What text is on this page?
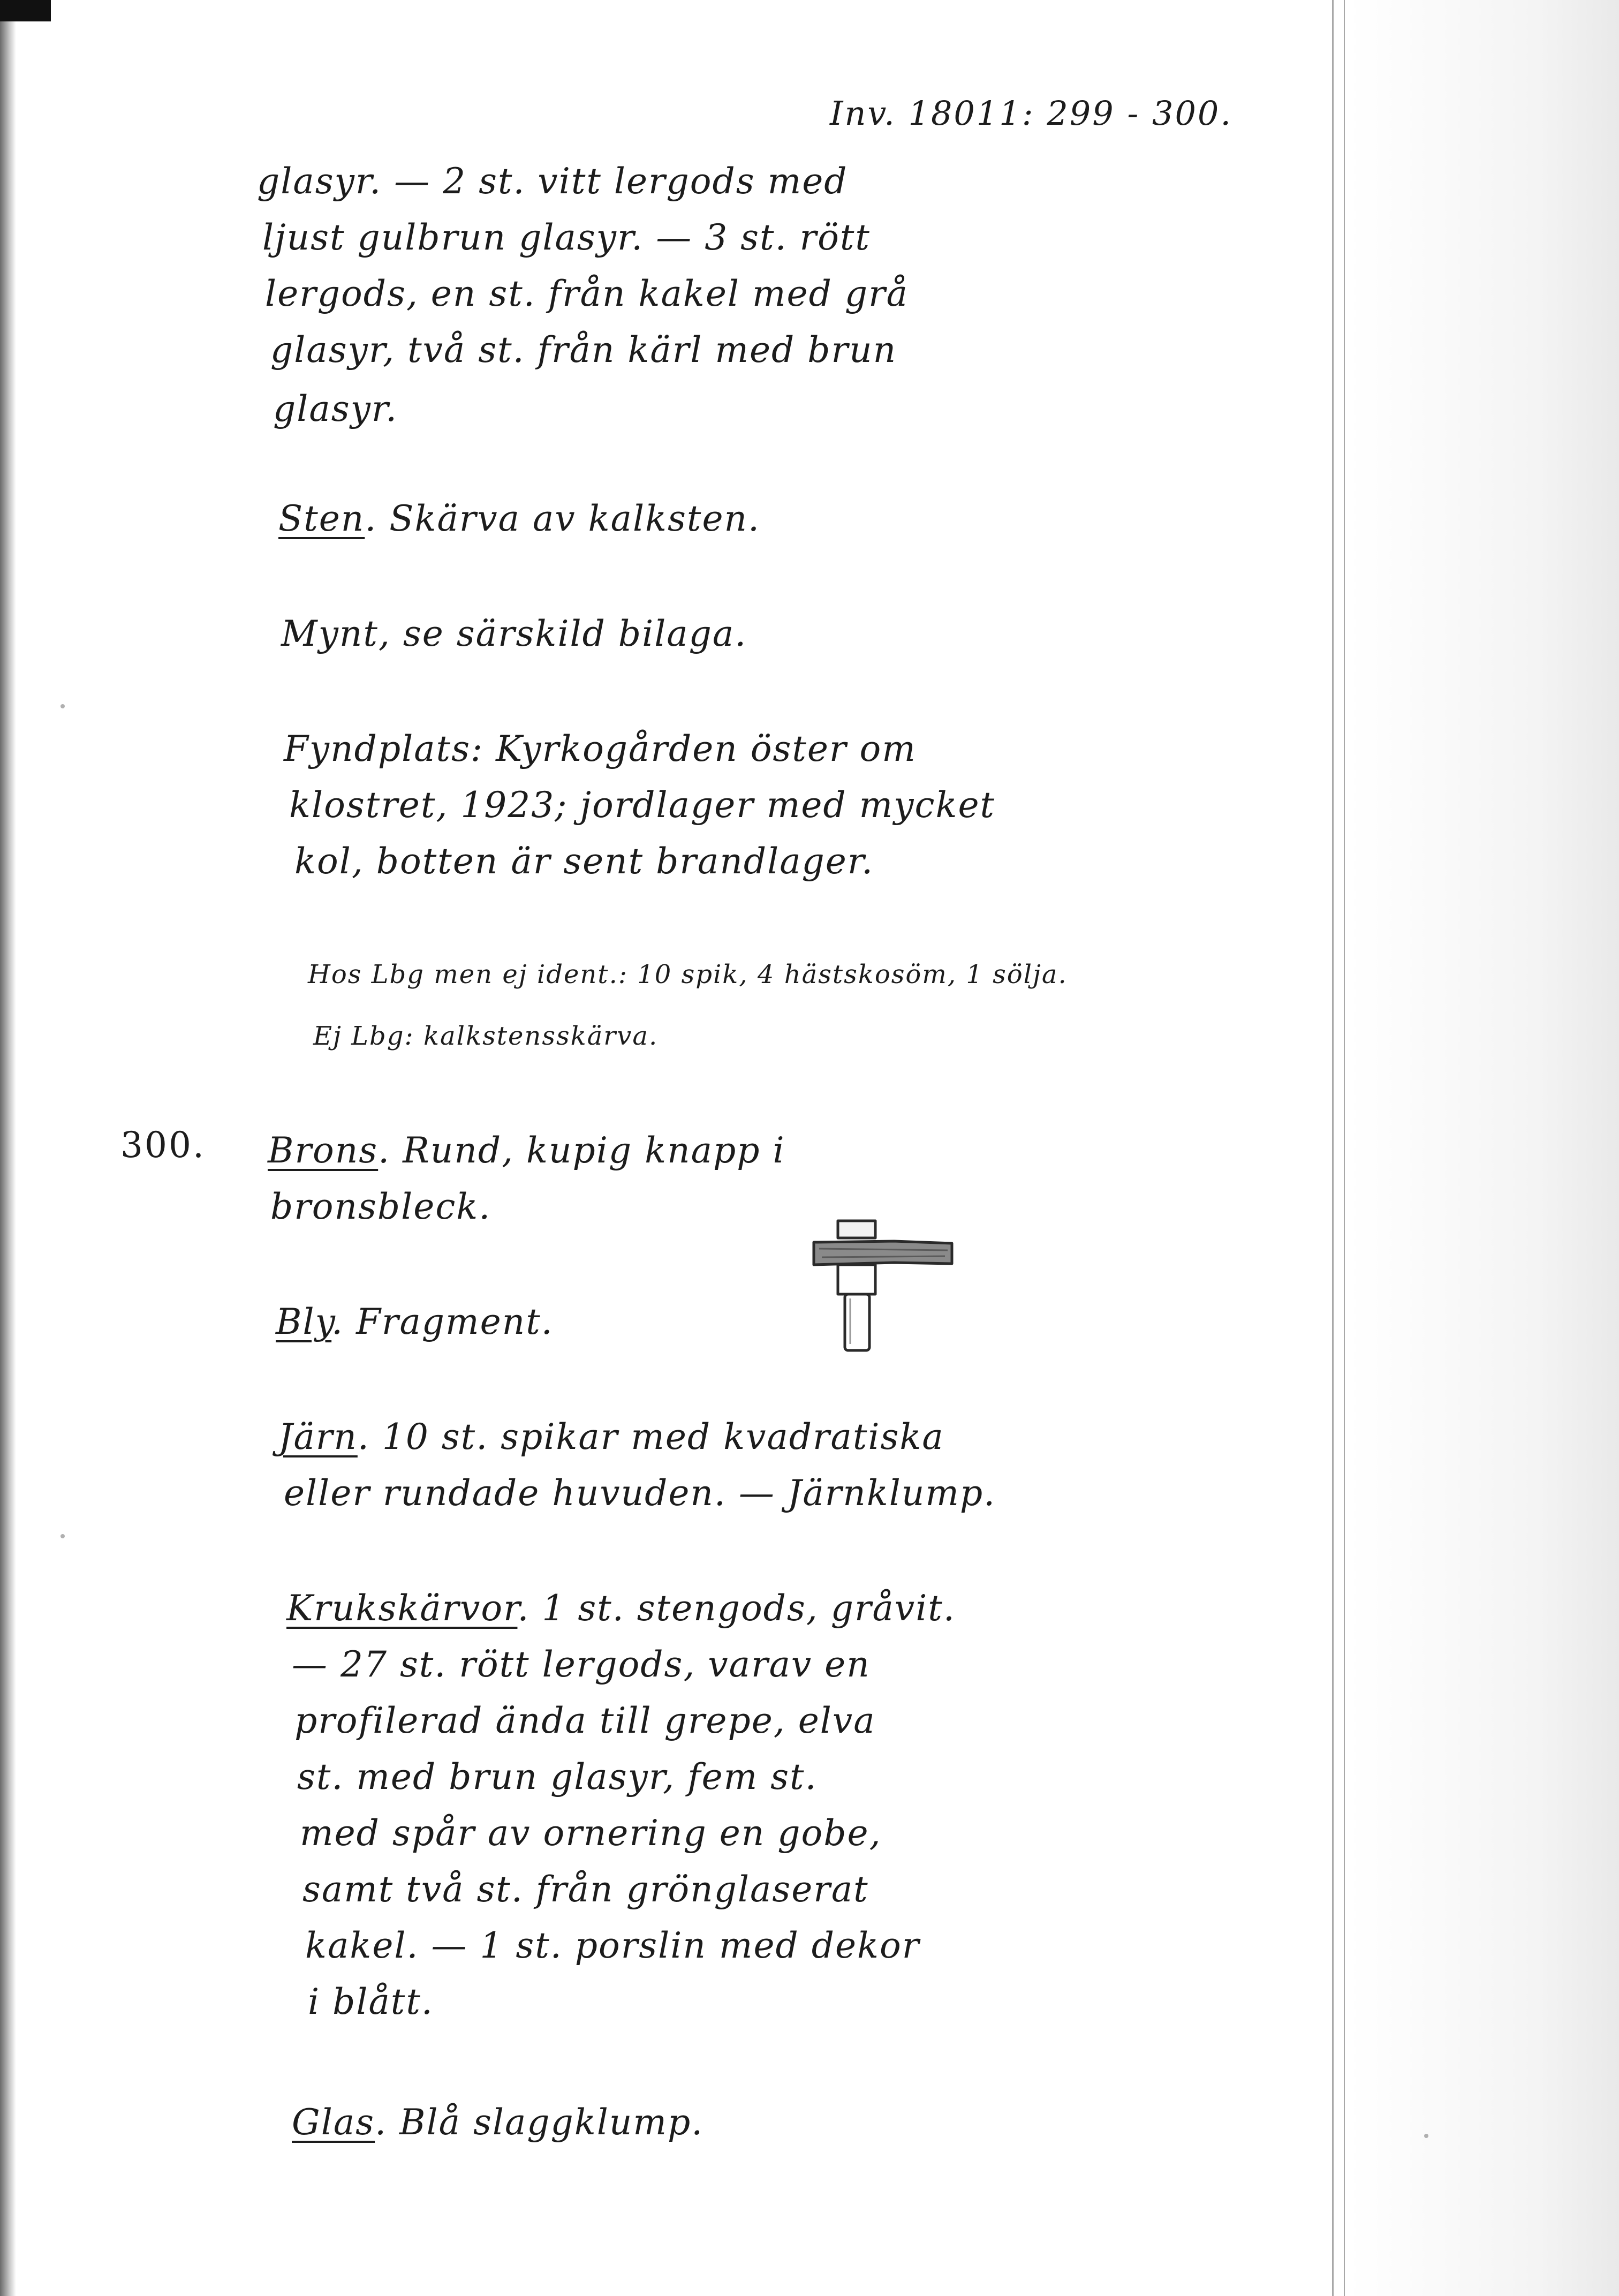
Inv. 18011: 299 - 300.
glasyr. — 2 st. vitt lergods med
ljust gulbrun glasyr. — 3 st. rött
lergods, en st. från kakel med grå
glasyr, två st. från kärl med brun
glasyr.
Sten. Skärva av kalksten.
Mynt, se särskild bilaga.
Fyndplats: Kyrkogården öster om
klostret, 1923; jordlager med mycket
kol, botten är sent brandlager.
Hos Lbg men ej ident.: 10 spik, 4 hästskosöm, 1 sölja.
Ej Lbg: kalkstensskärva.
300. Brons. Rund, kupig knapp i
bronsbleck.
Bly. Fragment.
Järn. 10 st. spikar med kvadratiska
eller rundade huvuden. — Järnklump.
Krukskärvor. 1 st. stengods, gråvit.
— 27 st. rött lergods, varav en
profilerad ända till grepe, elva
st. med brun glasyr, fem st.
med spår av ornering en gobe,
samt två st. från grönglaserat
kakel. — 1 st. porslin med dekor
i blått.
Glas. Blå slaggklump.
